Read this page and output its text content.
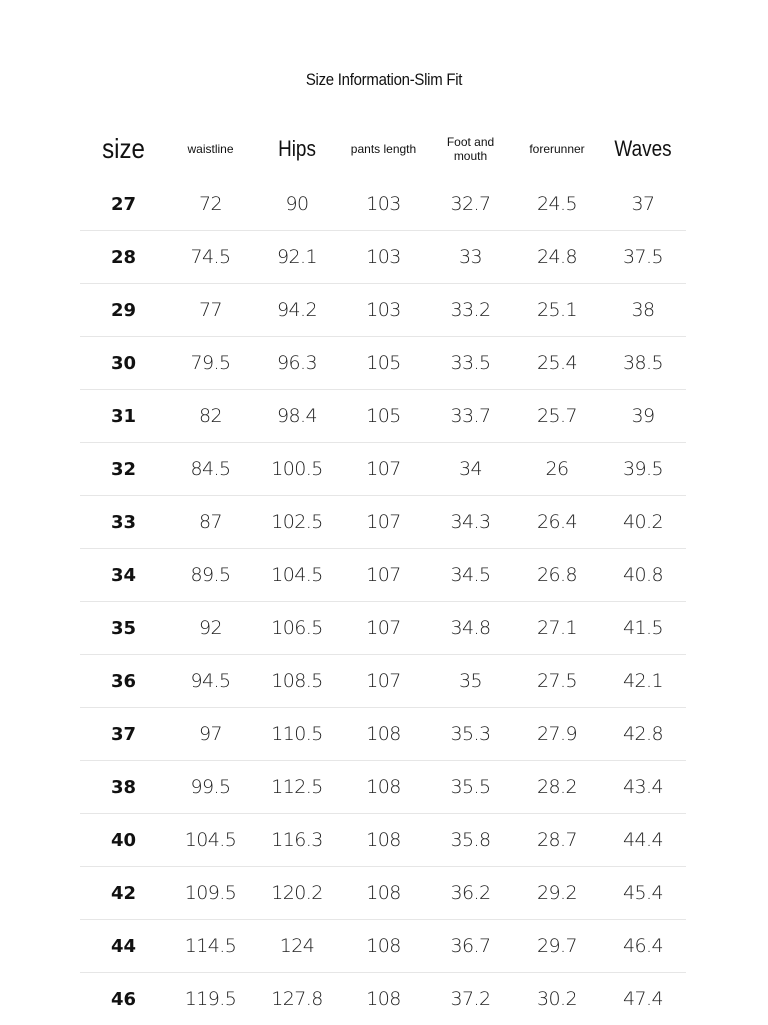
Size Information-Slim Fit
size	waistline	Hips	pants length	Foot and mouth	forerunner	Waves
27	72	90	103	32.7	24.5	37
28	74.5	92.1	103	33	24.8	37.5
29	77	94.2	103	33.2	25.1	38
30	79.5	96.3	105	33.5	25.4	38.5
31	82	98.4	105	33.7	25.7	39
32	84.5	100.5	107	34	26	39.5
33	87	102.5	107	34.3	26.4	40.2
34	89.5	104.5	107	34.5	26.8	40.8
35	92	106.5	107	34.8	27.1	41.5
36	94.5	108.5	107	35	27.5	42.1
37	97	110.5	108	35.3	27.9	42.8
38	99.5	112.5	108	35.5	28.2	43.4
40	104.5	116.3	108	35.8	28.7	44.4
42	109.5	120.2	108	36.2	29.2	45.4
44	114.5	124	108	36.7	29.7	46.4
46	119.5	127.8	108	37.2	30.2	47.4
